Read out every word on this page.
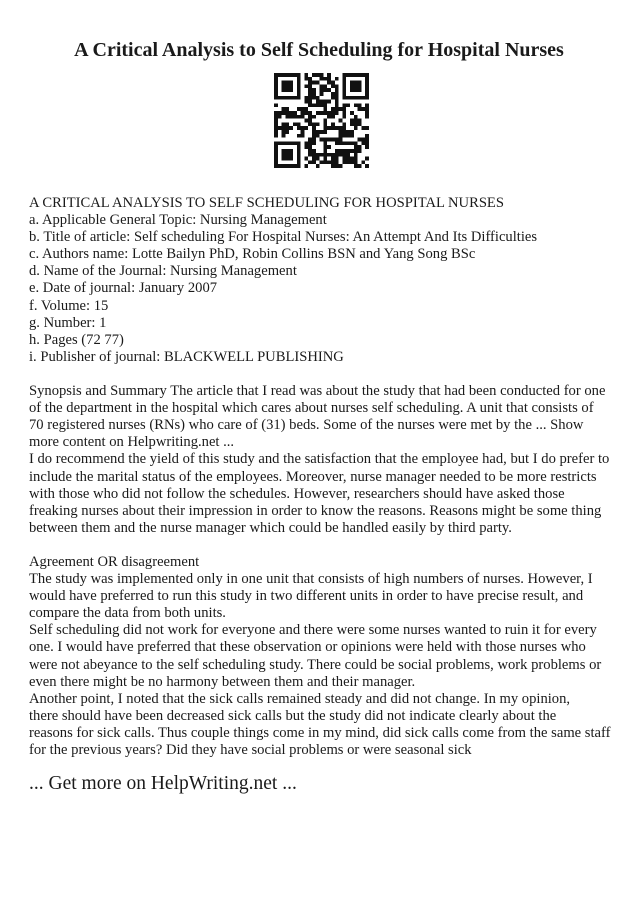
A Critical Analysis to Self Scheduling for Hospital Nurses
A CRITICAL ANALYSIS TO SELF SCHEDULING FOR HOSPITAL NURSES
a. Applicable General Topic: Nursing Management
b. Title of article: Self scheduling For Hospital Nurses: An Attempt And Its Difficulties
c. Authors name: Lotte Bailyn PhD, Robin Collins BSN and Yang Song BSc
d. Name of the Journal: Nursing Management
e. Date of journal: January 2007
f. Volume: 15
g. Number: 1
h. Pages (72 77)
i. Publisher of journal: BLACKWELL PUBLISHING
Synopsis and Summary The article that I read was about the study that had been conducted for one
of the department in the hospital which cares about nurses self scheduling. A unit that consists of
70 registered nurses (RNs) who care of (31) beds. Some of the nurses were met by the ... Show
more content on Helpwriting.net ...
I do recommend the yield of this study and the satisfaction that the employee had, but I do prefer to
include the marital status of the employees. Moreover, nurse manager needed to be more restricts
with those who did not follow the schedules. However, researchers should have asked those
freaking nurses about their impression in order to know the reasons. Reasons might be some thing
between them and the nurse manager which could be handled easily by third party.
Agreement OR disagreement
The study was implemented only in one unit that consists of high numbers of nurses. However, I
would have preferred to run this study in two different units in order to have precise result, and
compare the data from both units.
Self scheduling did not work for everyone and there were some nurses wanted to ruin it for every
one. I would have preferred that these observation or opinions were held with those nurses who
were not abeyance to the self scheduling study. There could be social problems, work problems or
even there might be no harmony between them and their manager.
Another point, I noted that the sick calls remained steady and did not change. In my opinion,
there should have been decreased sick calls but the study did not indicate clearly about the
reasons for sick calls. Thus couple things come in my mind, did sick calls come from the same staff
for the previous years? Did they have social problems or were seasonal sick
... Get more on HelpWriting.net ...
